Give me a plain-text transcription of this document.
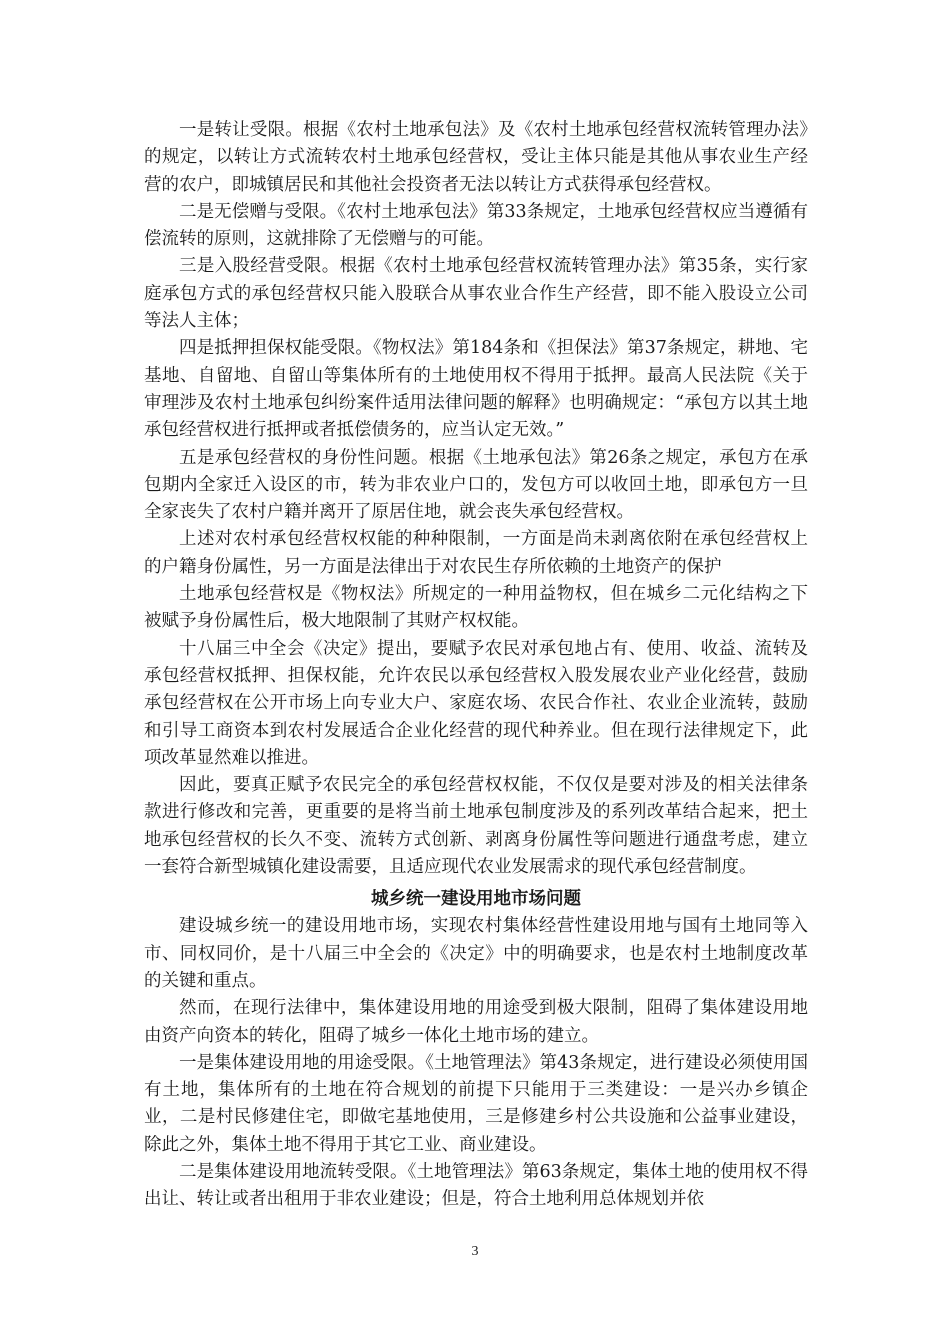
一是转让受限。根据《农村土地承包法》及《农村土地承包经营权流转管理办法》的规定，以转让方式流转农村土地承包经营权，受让主体只能是其他从事农业生产经营的农户，即城镇居民和其他社会投资者无法以转让方式获得承包经营权。

二是无偿赠与受限。《农村土地承包法》第33条规定，土地承包经营权应当遵循有偿流转的原则，这就排除了无偿赠与的可能。

三是入股经营受限。根据《农村土地承包经营权流转管理办法》第35条，实行家庭承包方式的承包经营权只能入股联合从事农业合作生产经营，即不能入股设立公司等法人主体；

四是抵押担保权能受限。《物权法》第184条和《担保法》第37条规定，耕地、宅基地、自留地、自留山等集体所有的土地使用权不得用于抵押。最高人民法院《关于审理涉及农村土地承包纠纷案件适用法律问题的解释》也明确规定：“承包方以其土地承包经营权进行抵押或者抵偿债务的，应当认定无效。”

五是承包经营权的身份性问题。根据《土地承包法》第26条之规定，承包方在承包期内全家迁入设区的市，转为非农业户口的，发包方可以收回土地，即承包方一旦全家丧失了农村户籍并离开了原居住地，就会丧失承包经营权。

上述对农村承包经营权权能的种种限制，一方面是尚未剥离依附在承包经营权上的户籍身份属性，另一方面是法律出于对农民生存所依赖的土地资产的保护

土地承包经营权是《物权法》所规定的一种用益物权，但在城乡二元化结构之下被赋予身份属性后，极大地限制了其财产权权能。

十八届三中全会《决定》提出，要赋予农民对承包地占有、使用、收益、流转及承包经营权抵押、担保权能，允许农民以承包经营权入股发展农业产业化经营，鼓励承包经营权在公开市场上向专业大户、家庭农场、农民合作社、农业企业流转，鼓励和引导工商资本到农村发展适合企业化经营的现代种养业。但在现行法律规定下，此项改革显然难以推进。

因此，要真正赋予农民完全的承包经营权权能，不仅仅是要对涉及的相关法律条款进行修改和完善，更重要的是将当前土地承包制度涉及的系列改革结合起来，把土地承包经营权的长久不变、流转方式创新、剥离身份属性等问题进行通盘考虑，建立一套符合新型城镇化建设需要，且适应现代农业发展需求的现代承包经营制度。

城乡统一建设用地市场问题

建设城乡统一的建设用地市场，实现农村集体经营性建设用地与国有土地同等入市、同权同价，是十八届三中全会的《决定》中的明确要求，也是农村土地制度改革的关键和重点。

然而，在现行法律中，集体建设用地的用途受到极大限制，阻碍了集体建设用地由资产向资本的转化，阻碍了城乡一体化土地市场的建立。

一是集体建设用地的用途受限。《土地管理法》第43条规定，进行建设必须使用国有土地，集体所有的土地在符合规划的前提下只能用于三类建设：一是兴办乡镇企业，二是村民修建住宅，即做宅基地使用，三是修建乡村公共设施和公益事业建设，除此之外，集体土地不得用于其它工业、商业建设。

二是集体建设用地流转受限。《土地管理法》第63条规定，集体土地的使用权不得出让、转让或者出租用于非农业建设；但是，符合土地利用总体规划并依

3
